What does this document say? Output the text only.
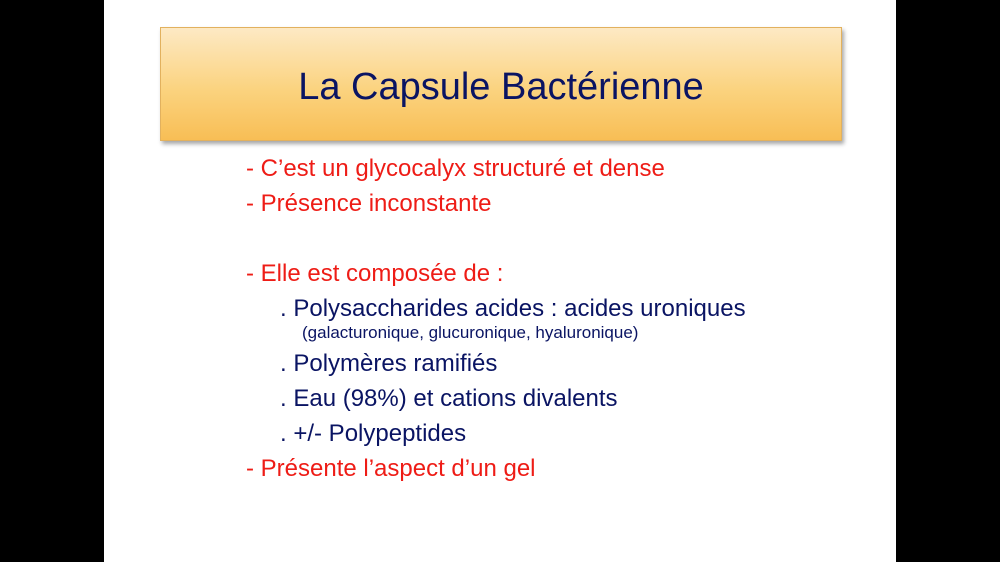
La Capsule Bactérienne
- C’est un glycocalyx structuré et dense
- Présence inconstante
- Elle est composée de :
. Polysaccharides acides : acides uroniques
(galacturonique, glucuronique, hyaluronique)
. Polymères ramifiés
. Eau (98%) et cations divalents
. +/- Polypeptides
- Présente l’aspect d’un gel
